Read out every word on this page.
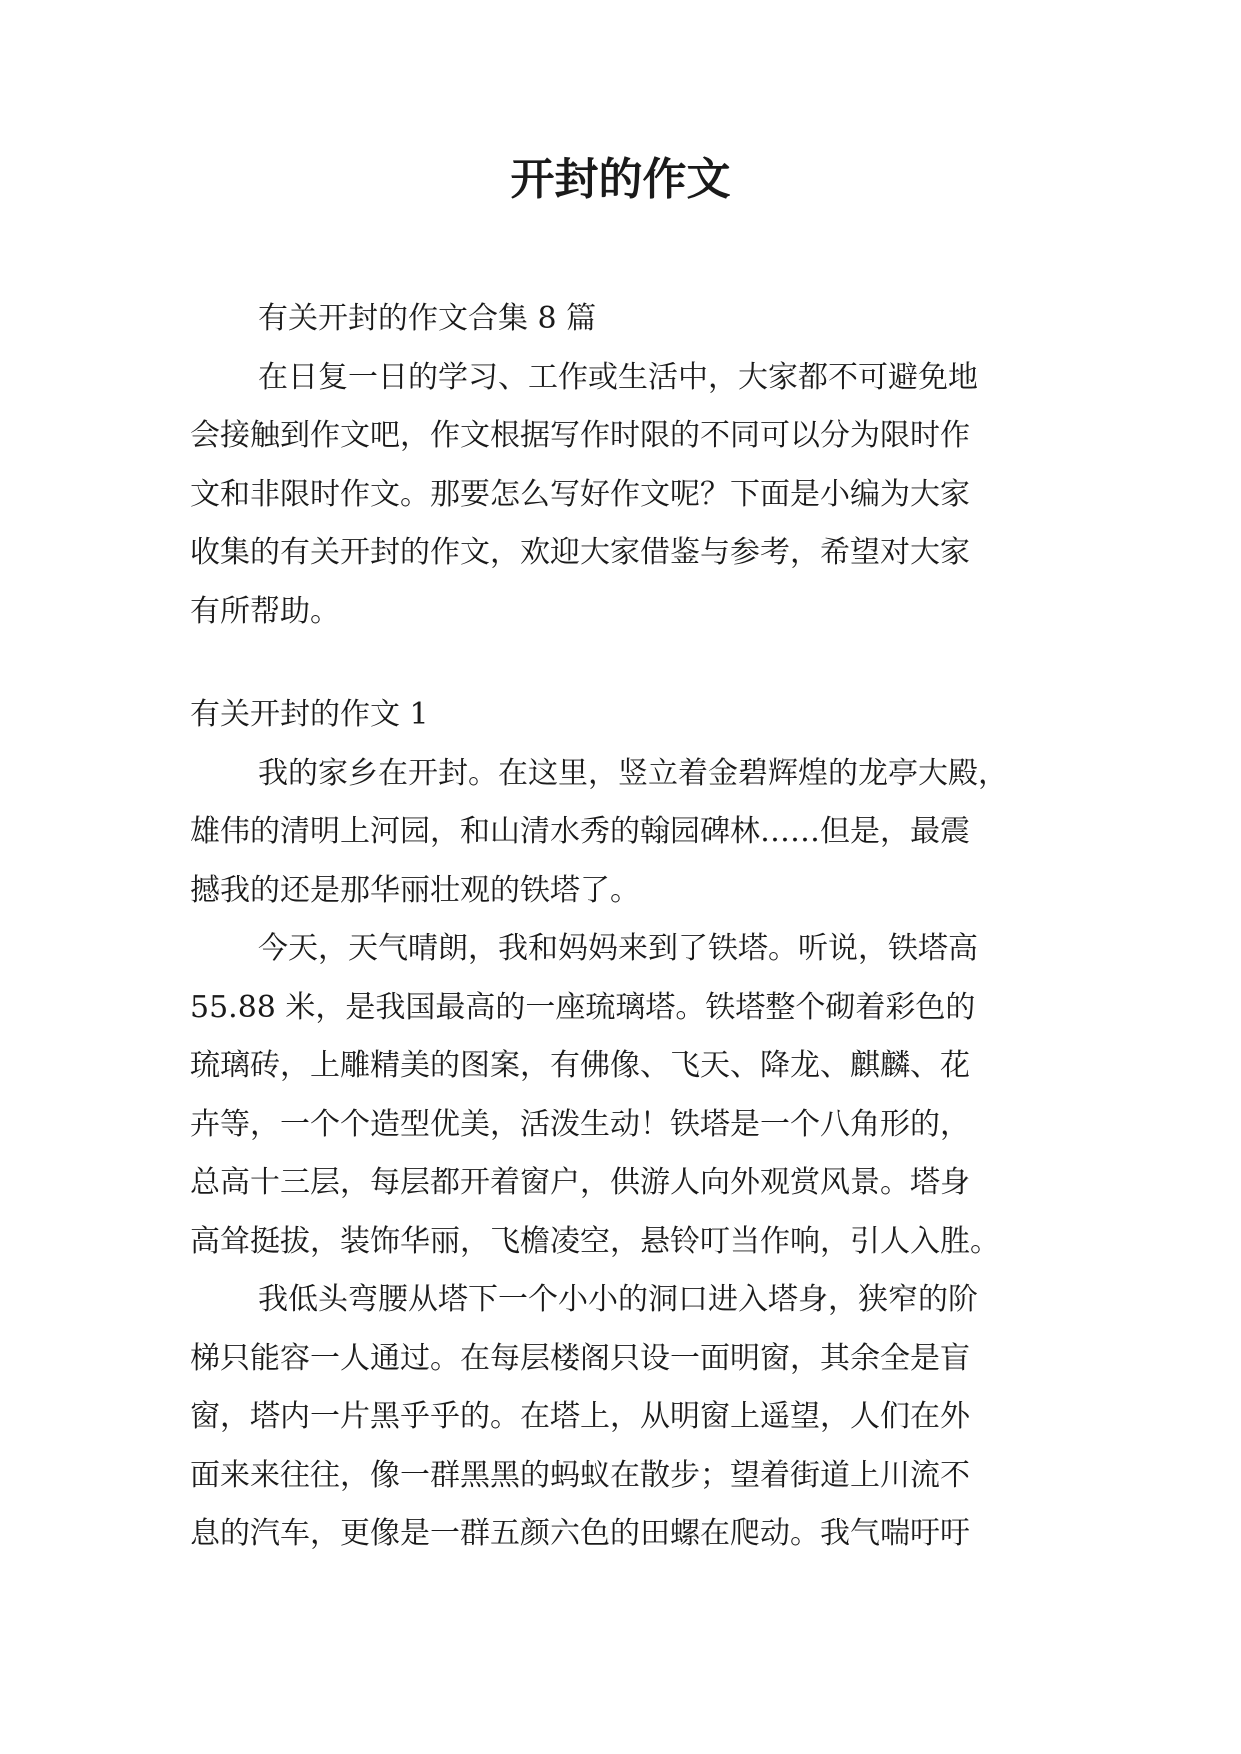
开封的作文
有关开封的作文合集 8 篇
在日复一日的学习、工作或生活中，大家都不可避免地
会接触到作文吧，作文根据写作时限的不同可以分为限时作
文和非限时作文。那要怎么写好作文呢？下面是小编为大家
收集的有关开封的作文，欢迎大家借鉴与参考，希望对大家
有所帮助。
有关开封的作文 1
我的家乡在开封。在这里，竖立着金碧辉煌的龙亭大殿，
雄伟的清明上河园，和山清水秀的翰园碑林……但是，最震
撼我的还是那华丽壮观的铁塔了。
今天，天气晴朗，我和妈妈来到了铁塔。听说，铁塔高
55.88 米，是我国最高的一座琉璃塔。铁塔整个砌着彩色的
琉璃砖，上雕精美的图案，有佛像、飞天、降龙、麒麟、花
卉等，一个个造型优美，活泼生动！铁塔是一个八角形的，
总高十三层，每层都开着窗户，供游人向外观赏风景。塔身
高耸挺拔，装饰华丽，飞檐凌空，悬铃叮当作响，引人入胜。
我低头弯腰从塔下一个小小的洞口进入塔身，狭窄的阶
梯只能容一人通过。在每层楼阁只设一面明窗，其余全是盲
窗，塔内一片黑乎乎的。在塔上，从明窗上遥望，人们在外
面来来往往，像一群黑黑的蚂蚁在散步；望着街道上川流不
息的汽车，更像是一群五颜六色的田螺在爬动。我气喘吁吁
